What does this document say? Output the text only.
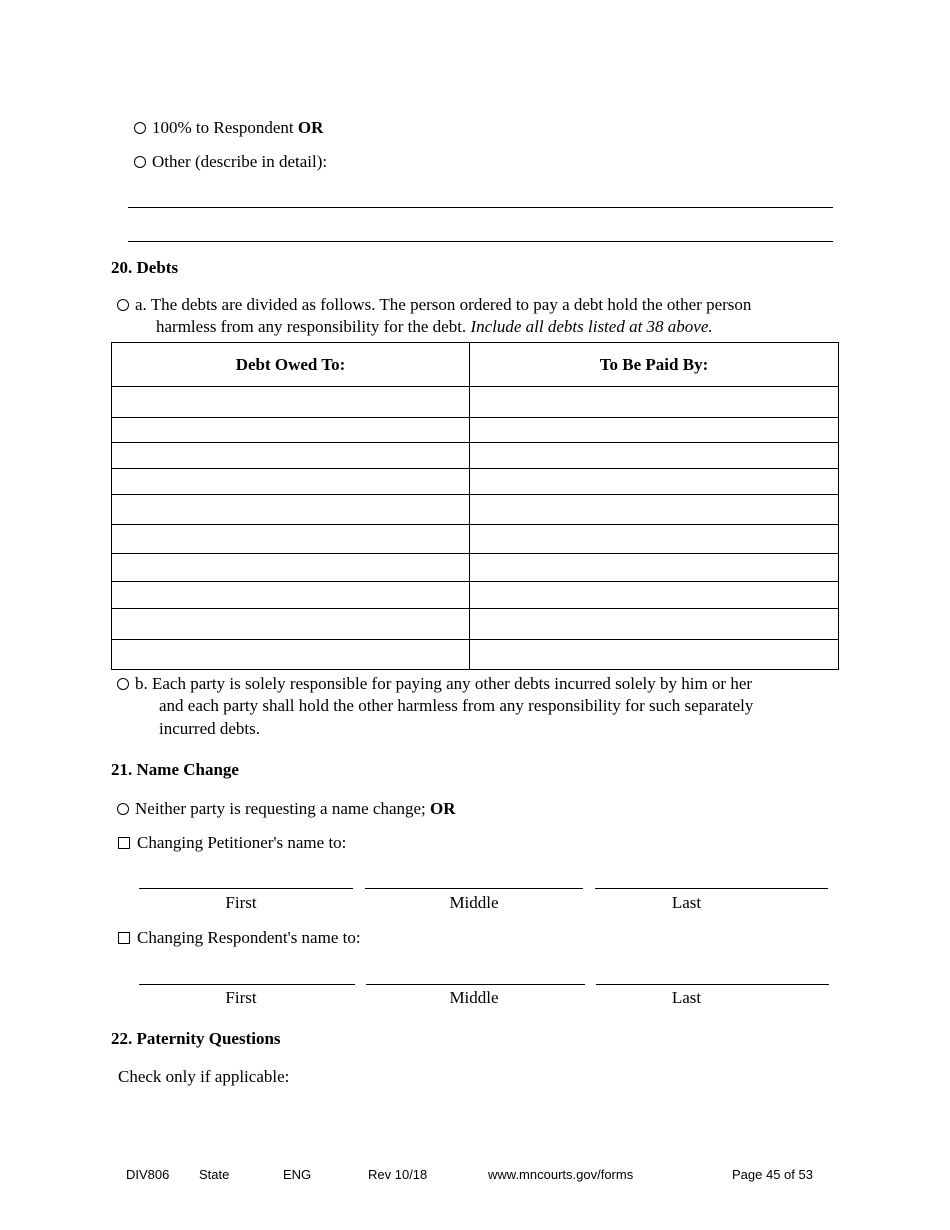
100% to Respondent OR
Other (describe in detail):
20. Debts
a. The debts are divided as follows. The person ordered to pay a debt hold the other person
harmless from any responsibility for the debt. Include all debts listed at 38 above.
Debt Owed To:	To Be Paid By:

b. Each party is solely responsible for paying any other debts incurred solely by him or her
and each party shall hold the other harmless from any responsibility for such separately
incurred debts.
21. Name Change
Neither party is requesting a name change; OR
Changing Petitioner's name to:
First	Middle	Last
Changing Respondent's name to:
First	Middle	Last
22. Paternity Questions
Check only if applicable:
DIV806 State	ENG	Rev 10/18	www.mncourts.gov/forms	Page 45 of 53
